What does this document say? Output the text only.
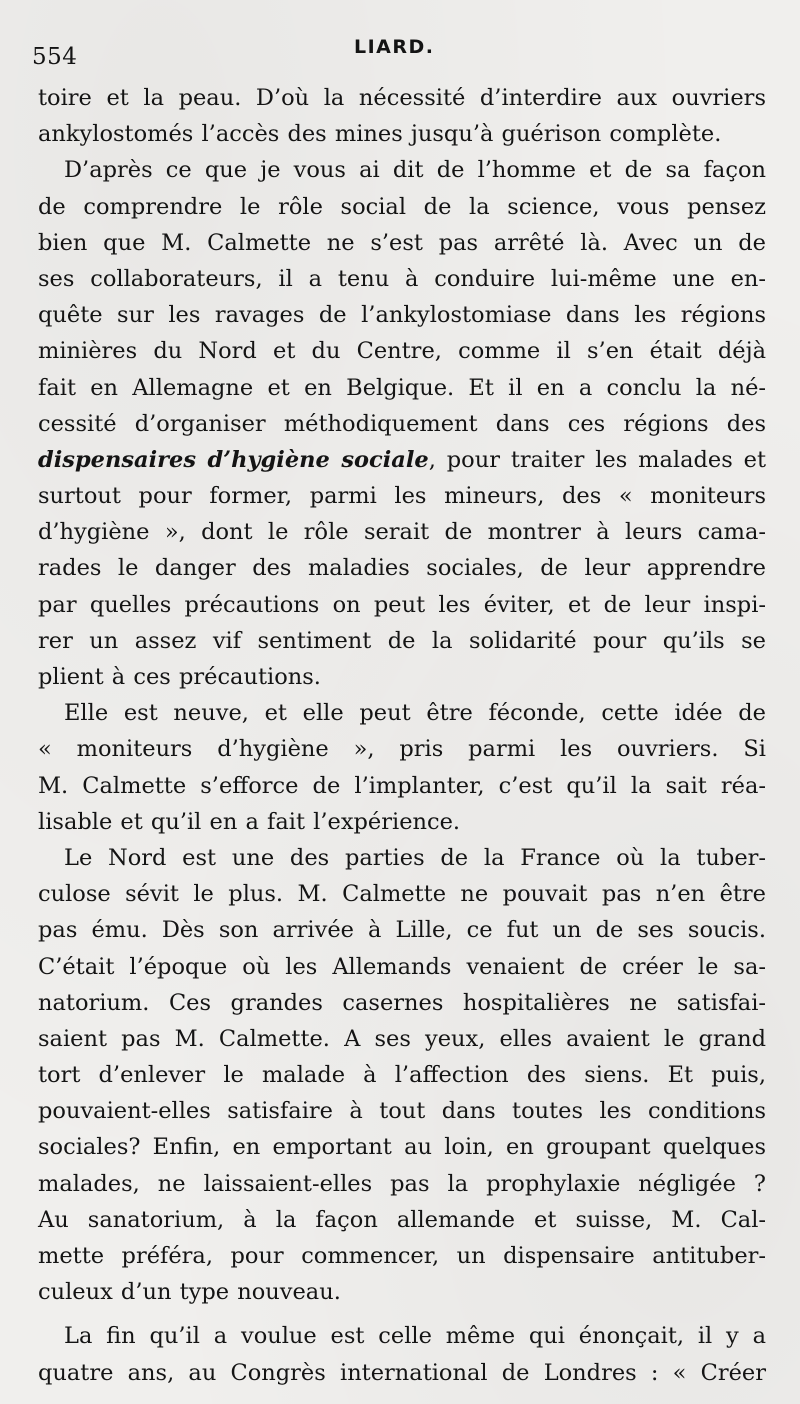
554	LIARD.
toire et la peau. D’où la nécessité d’interdire aux ouvriers
ankylostomés l’accès des mines jusqu’à guérison complète.
D’après ce que je vous ai dit de l’homme et de sa façon
de comprendre le rôle social de la science, vous pensez
bien que M. Calmette ne s’est pas arrêté là. Avec un de
ses collaborateurs, il a tenu à conduire lui-même une en-
quête sur les ravages de l’ankylostomiase dans les régions
minières du Nord et du Centre, comme il s’en était déjà
fait en Allemagne et en Belgique. Et il en a conclu la né-
cessité d’organiser méthodiquement dans ces régions des
dispensaires d’hygiène sociale, pour traiter les malades et
surtout pour former, parmi les mineurs, des « moniteurs
d’hygiène », dont le rôle serait de montrer à leurs cama-
rades le danger des maladies sociales, de leur apprendre
par quelles précautions on peut les éviter, et de leur inspi-
rer un assez vif sentiment de la solidarité pour qu’ils se
plient à ces précautions.
Elle est neuve, et elle peut être féconde, cette idée de
« moniteurs d’hygiène », pris parmi les ouvriers. Si
M. Calmette s’efforce de l’implanter, c’est qu’il la sait réa-
lisable et qu’il en a fait l’expérience.
Le Nord est une des parties de la France où la tuber-
culose sévit le plus. M. Calmette ne pouvait pas n’en être
pas ému. Dès son arrivée à Lille, ce fut un de ses soucis.
C’était l’époque où les Allemands venaient de créer le sa-
natorium. Ces grandes casernes hospitalières ne satisfai-
saient pas M. Calmette. A ses yeux, elles avaient le grand
tort d’enlever le malade à l’affection des siens. Et puis,
pouvaient-elles satisfaire à tout dans toutes les conditions
sociales? Enfin, en emportant au loin, en groupant quelques
malades, ne laissaient-elles pas la prophylaxie négligée ?
Au sanatorium, à la façon allemande et suisse, M. Cal-
mette préféra, pour commencer, un dispensaire antituber-
culeux d’un type nouveau.
La fin qu’il a voulue est celle même qui énonçait, il y a
quatre ans, au Congrès international de Londres : « Créer
